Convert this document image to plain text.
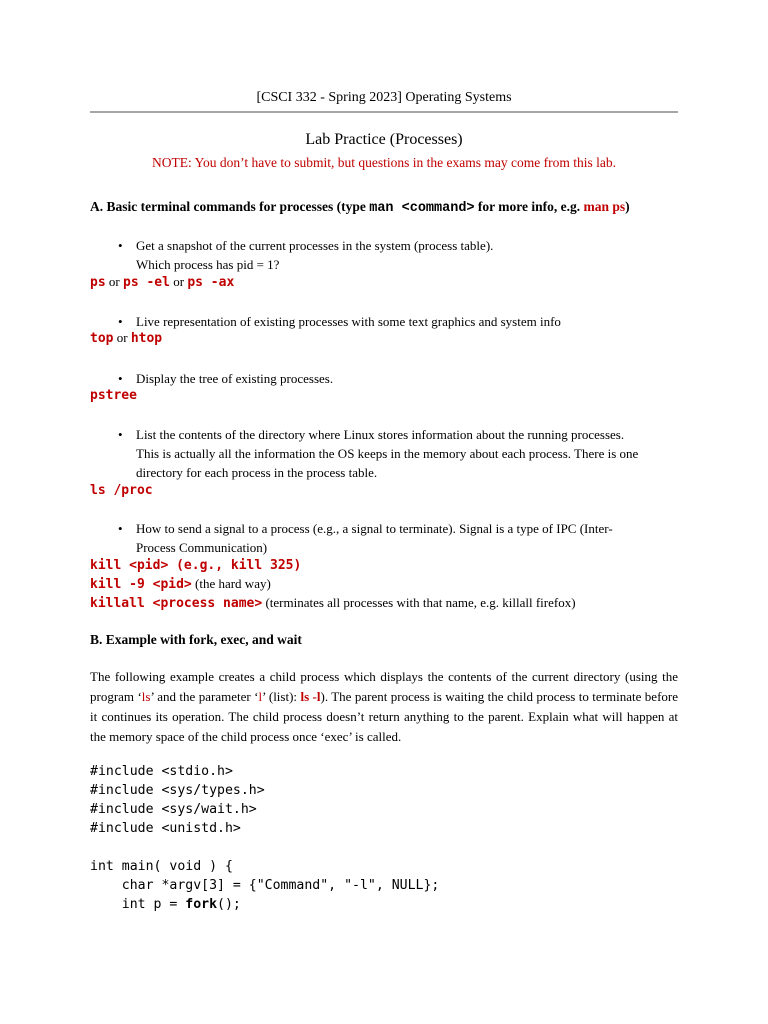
[CSCI 332 - Spring 2023] Operating Systems
Lab Practice (Processes)
NOTE: You don’t have to submit, but questions in the exams may come from this lab.
A. Basic terminal commands for processes (type man <command> for more info, e.g. man ps)
• Get a snapshot of the current processes in the system (process table).
Which process has pid = 1?
ps or ps -el or ps -ax
• Live representation of existing processes with some text graphics and system info
top or htop
• Display the tree of existing processes.
pstree
• List the contents of the directory where Linux stores information about the running processes.
This is actually all the information the OS keeps in the memory about each process. There is one
directory for each process in the process table.
ls /proc
• How to send a signal to a process (e.g., a signal to terminate). Signal is a type of IPC (Inter-
Process Communication)
kill <pid> (e.g., kill 325)
kill -9 <pid> (the hard way)
killall <process name> (terminates all processes with that name, e.g. killall firefox)
B. Example with fork, exec, and wait
The following example creates a child process which displays the contents of the current directory (using the program ‘ls’ and the parameter ‘l’ (list): ls -l). The parent process is waiting the child process to terminate before it continues its operation. The child process doesn’t return anything to the parent. Explain what will happen at the memory space of the child process once ‘exec’ is called.
#include <stdio.h>
#include <sys/types.h>
#include <sys/wait.h>
#include <unistd.h>
int main( void ) {
char *argv[3] = {"Command", "-l", NULL};
int p = fork();
